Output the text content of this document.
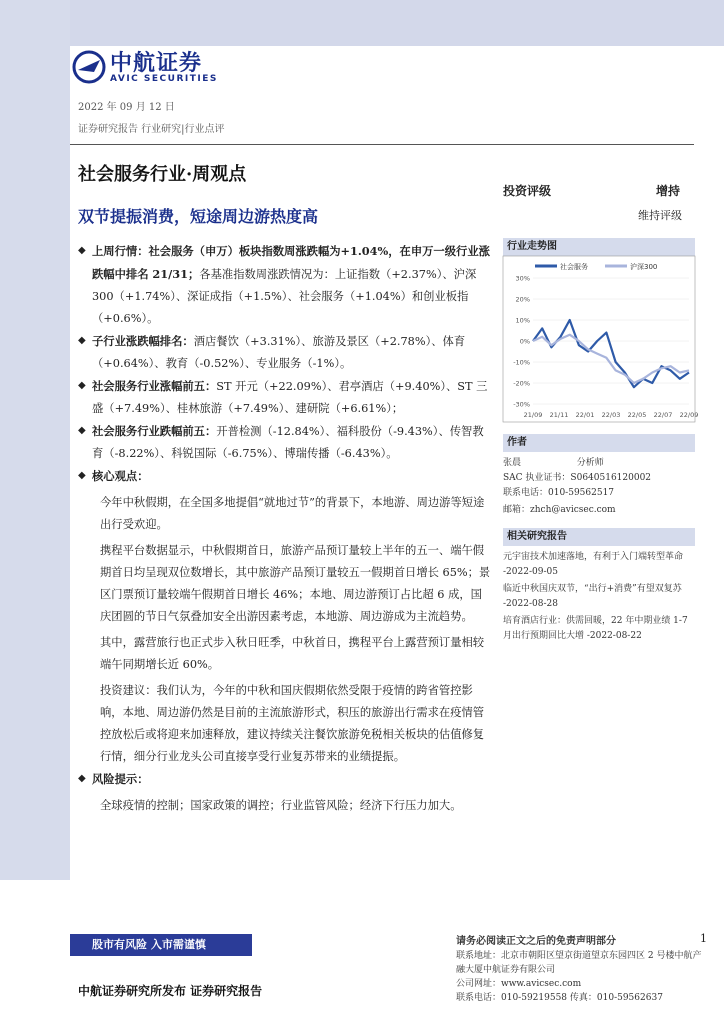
中航证券
AVIC SECURITIES
2022 年 09 月 12 日
证券研究报告 行业研究|行业点评
社会服务行业·周观点
双节提振消费，短途周边游热度高
投资评级	增持
维持评级
◆ 上周行情：社会服务（申万）板块指数周涨跌幅为+1.04%，在申万一级行业涨跌幅中排名 21/31；各基准指数周涨跌情况为：上证指数（+2.37%）、沪深 300（+1.74%）、深证成指（+1.5%）、社会服务（+1.04%）和创业板指（+0.6%）。
◆ 子行业涨跌幅排名：酒店餐饮（+3.31%）、旅游及景区（+2.78%）、体育（+0.64%）、教育（-0.52%）、专业服务（-1%）。
◆ 社会服务行业涨幅前五：ST 开元（+22.09%）、君亭酒店（+9.40%）、ST 三盛（+7.49%）、桂林旅游（+7.49%）、建研院（+6.61%）；
◆ 社会服务行业跌幅前五：开普检测（-12.84%）、福科股份（-9.43%）、传智教育（-8.22%）、科锐国际（-6.75%）、博瑞传播（-6.43%）。
◆ 核心观点：
今年中秋假期，在全国多地提倡“就地过节”的背景下，本地游、周边游等短途出行受欢迎。
携程平台数据显示，中秋假期首日，旅游产品预订量较上半年的五一、端午假期首日均呈现双位数增长，其中旅游产品预订量较五一假期首日增长 65%；景区门票预订量较端午假期首日增长 46%；本地、周边游预订占比超 6 成，国庆团圆的节日气氛叠加安全出游因素考虑，本地游、周边游成为主流趋势。
其中，露营旅行也正式步入秋日旺季，中秋首日，携程平台上露营预订量相较端午同期增长近 60%。
投资建议：我们认为，今年的中秋和国庆假期依然受限于疫情的跨省管控影响，本地、周边游仍然是目前的主流旅游形式，积压的旅游出行需求在疫情管控放松后或将迎来加速释放，建议持续关注餐饮旅游免税相关板块的估值修复行情，细分行业龙头公司直接享受行业复苏带来的业绩提振。
◆ 风险提示：
全球疫情的控制；国家政策的调控；行业监管风险；经济下行压力加大。
行业走势图
社会服务	沪深300
30%
20%
10%
0%
-10%
-20%
-30%
21/09 21/11 22/01 22/03 22/05 22/07 22/09
作者
张晨	分析师
SAC 执业证书：S0640516120002
联系电话：010-59562517
邮箱：zhch@avicsec.com
相关研究报告
元宇宙技术加速落地，有利于入门端转型革命 -2022-09-05
临近中秋国庆双节，“出行+消费”有望双复苏 -2022-08-28
培育酒店行业：供需回暖，22 年中期业绩 1-7 月出行预期回比大增 -2022-08-22
股市有风险 入市需谨慎
中航证券研究所发布 证券研究报告
请务必阅读正文之后的免责声明部分
联系地址：北京市朝阳区望京街道望京东园四区 2 号楼中航产融大厦中航证券有限公司
公司网址：www.avicsec.com
联系电话：010-59219558 传真：010-59562637
1
